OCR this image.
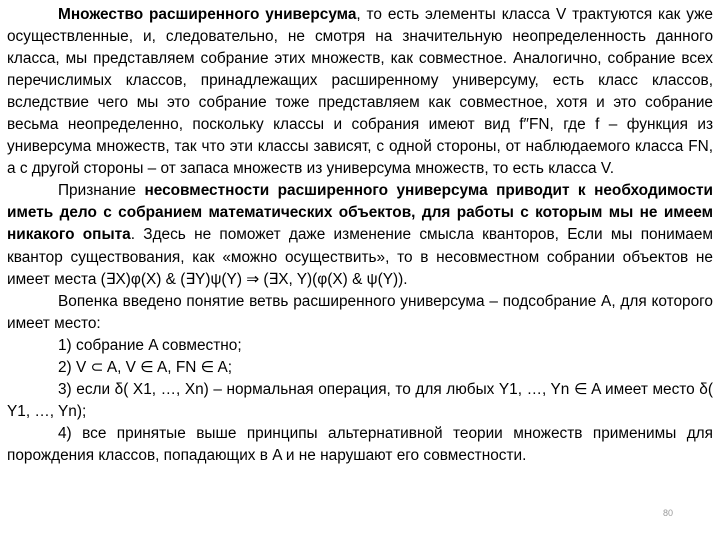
Множество расширенного универсума, то есть элементы класса V трактуются как уже осуществленные, и, следовательно, не смотря на значительную неопределенность данного класса, мы представляем собрание этих множеств, как совместное. Аналогично, собрание всех перечислимых классов, принадлежащих расширенному универсуму, есть класс классов, вследствие чего мы это собрание тоже представляем как совместное, хотя и это собрание весьма неопределенно, поскольку классы и собрания имеют вид f″FN, где f – функция из универсума множеств, так что эти классы зависят, с одной стороны, от наблюдаемого класса FN, а с другой стороны – от запаса множеств из универсума множеств, то есть класса V.

Признание несовместности расширенного универсума приводит к необходимости иметь дело с собранием математических объектов, для работы с которым мы не имеем никакого опыта. Здесь не поможет даже изменение смысла кванторов, Если мы понимаем квантор существования, как «можно осуществить», то в несовместном собрании объектов не имеет места (∃X)φ(X) & (∃Y)ψ(Y) ⇒ (∃X, Y)(φ(X) & ψ(Y)).

Вопенка введено понятие ветвь расширенного универсума – подсобрание A, для которого имеет место:

1) собрание A совместно;

2) V ⊂ A, V ∈ A, FN ∈ A;

3) если δ( X1, …, Xn) – нормальная операция, то для любых Y1, …, Yn ∈ A имеет место δ( Y1, …, Yn);

4) все принятые выше принципы альтернативной теории множеств применимы для порождения классов, попадающих в A и не нарушают его совместности.

80
